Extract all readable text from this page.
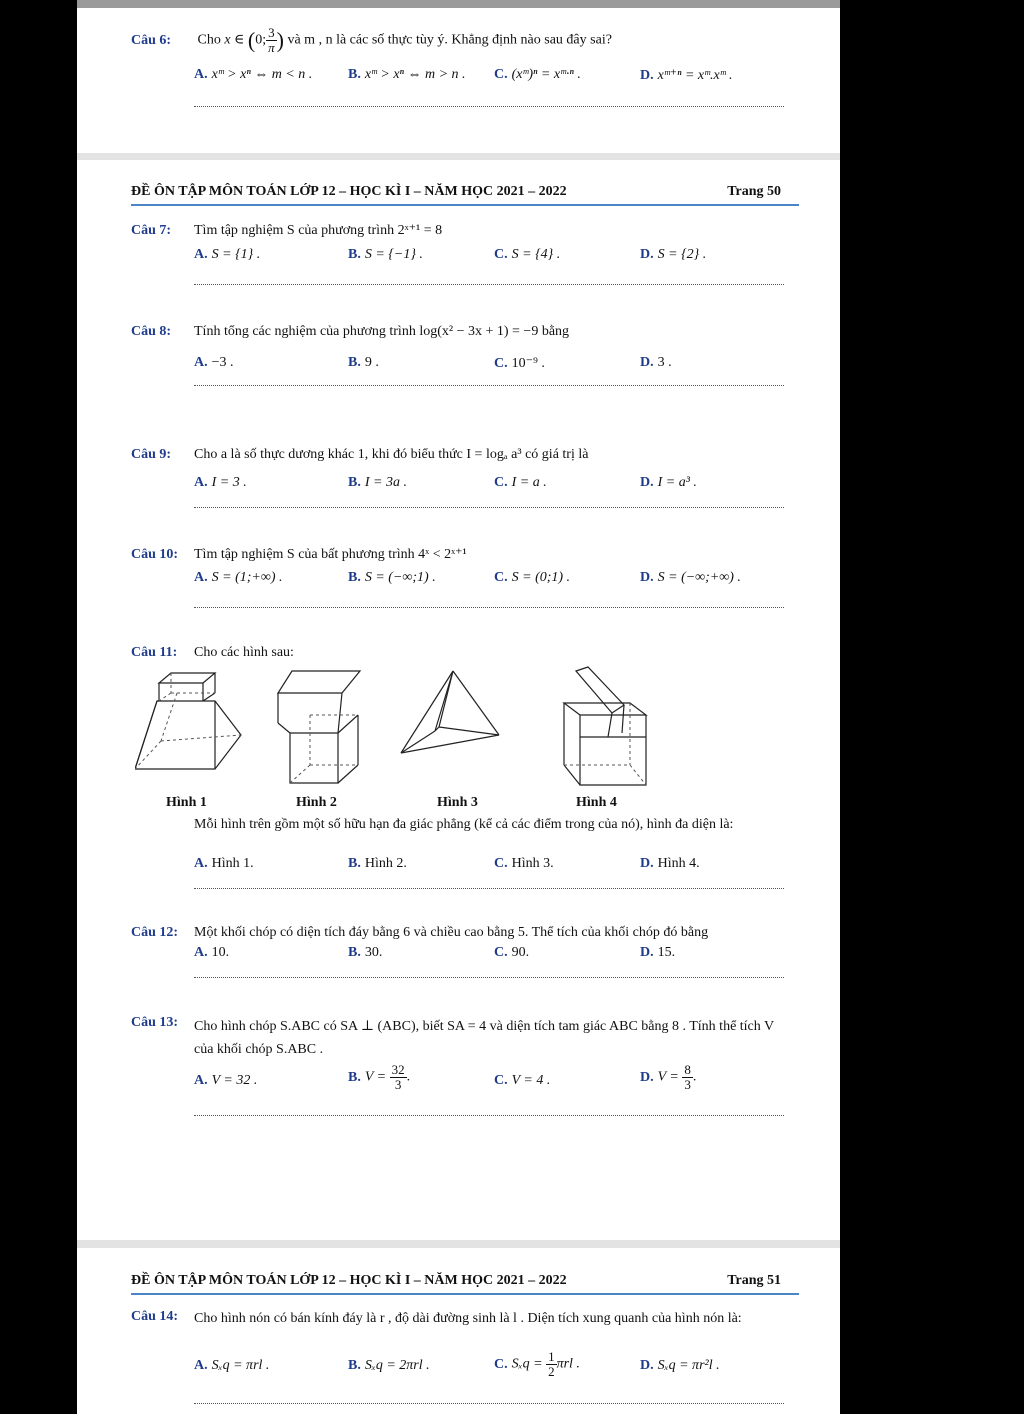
Câu 6: Cho x ∈ (0; $\frac{3}{\pi}$ ) và m , n là các số thực tùy ý. Khẳng định nào sau đây sai?
A. xᵐ > xⁿ ⇔ m < n .	B. xᵐ > xⁿ ⇔ m > n . C. (xᵐ)ⁿ = xᵐ·ⁿ .	D. xᵐ⁺ⁿ = xᵐ.xᵐ .
ĐỀ ÔN TẬP MÔN TOÁN LỚP 12 – HỌC KÌ I – NĂM HỌC 2021 – 2022	Trang 50
Câu 7: Tìm tập nghiệm S của phương trình 2ˣ⁺¹ = 8
A. S = {1} .	B. S = {−1} .	C. S = {4} .	D. S = {2} .
Câu 8: Tính tổng các nghiệm của phương trình log(x² − 3x + 1) = −9 bằng
A. −3 .	B. 9 .	C. 10⁻⁹ .	D. 3 .
Câu 9: Cho a là số thực dương khác 1, khi đó biểu thức I = logₐ a³ có giá trị là
A. I = 3 .	B. I = 3a .	C. I = a .	D. I = a³ .
Câu 10: Tìm tập nghiệm S của bất phương trình 4ˣ < 2ˣ⁺¹
A. S = (1;+∞) .	B. S = (−∞;1) .	C. S = (0;1) .	D. S = (−∞;+∞) .
Câu 11: Cho các hình sau:
Hình 1	Hình 2	Hình 3	Hình 4
Mỗi hình trên gồm một số hữu hạn đa giác phẳng (kể cả các điểm trong của nó), hình đa diện là:
A. Hình 1.	B. Hình 2.	C. Hình 3.	D. Hình 4.
Câu 12: Một khối chóp có diện tích đáy bằng 6 và chiều cao bằng 5. Thể tích của khối chóp đó bằng
A. 10.	B. 30.	C. 90.	D. 15.
Câu 13: Cho hình chóp S.ABC có SA ⊥ (ABC), biết SA = 4 và diện tích tam giác ABC bằng 8 . Tính thể tích V của khối chóp S.ABC .
A. V = 32 .	B. $V = \frac{32}{3}$ .	C. V = 4 .	D. $V = \frac{8}{3}$ .
ĐỀ ÔN TẬP MÔN TOÁN LỚP 12 – HỌC KÌ I – NĂM HỌC 2021 – 2022	Trang 51
Câu 14: Cho hình nón có bán kính đáy là r , độ dài đường sinh là l . Diện tích xung quanh của hình nón là:
A. Sₓq = πrl .	B. Sₓq = 2πrl .	C. $S_xq = \frac{1}{2}$ πrl .	D. Sₓq = πr²l .
